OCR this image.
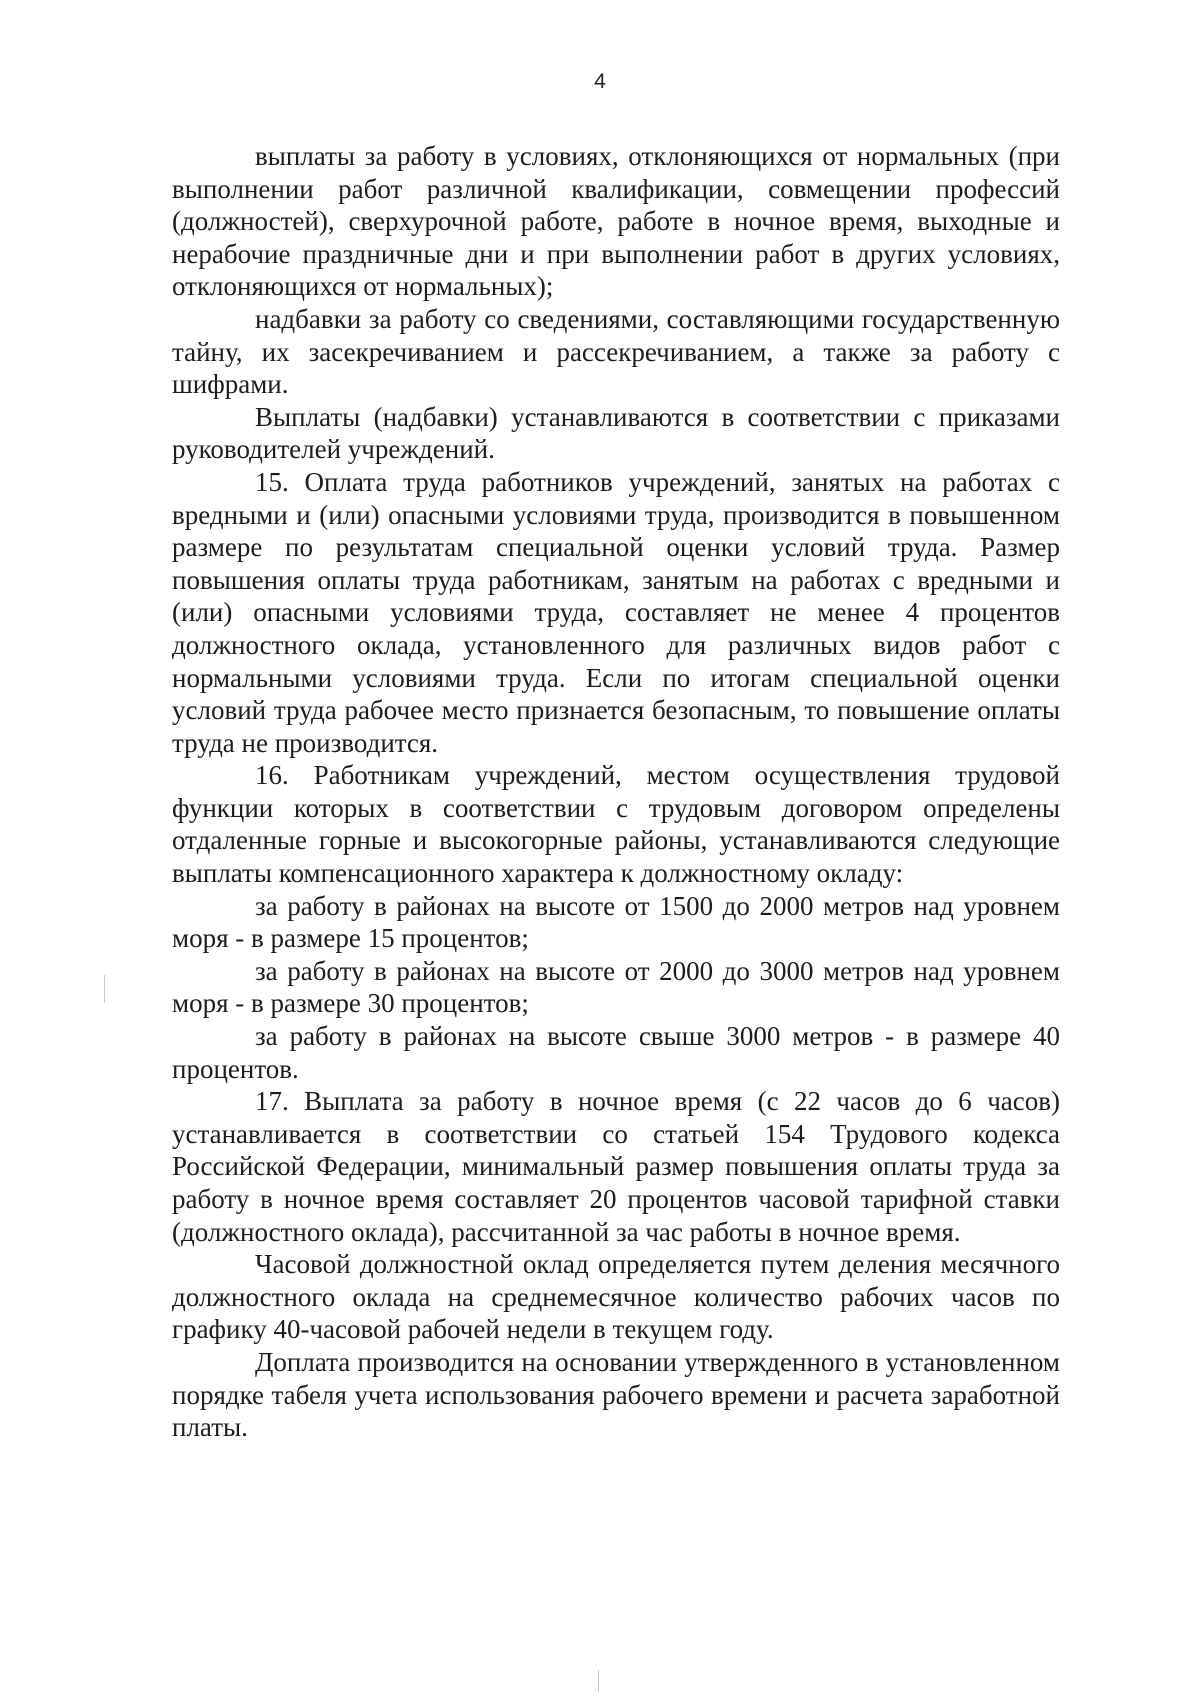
4

выплаты за работу в условиях, отклоняющихся от нормальных (при выполнении работ различной квалификации, совмещении профессий (должностей), сверхурочной работе, работе в ночное время, выходные и нерабочие праздничные дни и при выполнении работ в других условиях, отклоняющихся от нормальных);

надбавки за работу со сведениями, составляющими государственную тайну, их засекречиванием и рассекречиванием, а также за работу с шифрами.

Выплаты (надбавки) устанавливаются в соответствии с приказами руководителей учреждений.

15. Оплата труда работников учреждений, занятых на работах с вредными и (или) опасными условиями труда, производится в повышенном размере по результатам специальной оценки условий труда. Размер повышения оплаты труда работникам, занятым на работах с вредными и (или) опасными условиями труда, составляет не менее 4 процентов должностного оклада, установленного для различных видов работ с нормальными условиями труда. Если по итогам специальной оценки условий труда рабочее место признается безопасным, то повышение оплаты труда не производится.

16. Работникам учреждений, местом осуществления трудовой функции которых в соответствии с трудовым договором определены отдаленные горные и высокогорные районы, устанавливаются следующие выплаты компенсационного характера к должностному окладу:

за работу в районах на высоте от 1500 до 2000 метров над уровнем моря - в размере 15 процентов;

за работу в районах на высоте от 2000 до 3000 метров над уровнем моря - в размере 30 процентов;

за работу в районах на высоте свыше 3000 метров - в размере 40 процентов.

17. Выплата за работу в ночное время (с 22 часов до 6 часов) устанавливается в соответствии со статьей 154 Трудового кодекса Российской Федерации, минимальный размер повышения оплаты труда за работу в ночное время составляет 20 процентов часовой тарифной ставки (должностного оклада), рассчитанной за час работы в ночное время.

Часовой должностной оклад определяется путем деления месячного должностного оклада на среднемесячное количество рабочих часов по графику 40-часовой рабочей недели в текущем году.

Доплата производится на основании утвержденного в установленном порядке табеля учета использования рабочего времени и расчета заработной платы.
